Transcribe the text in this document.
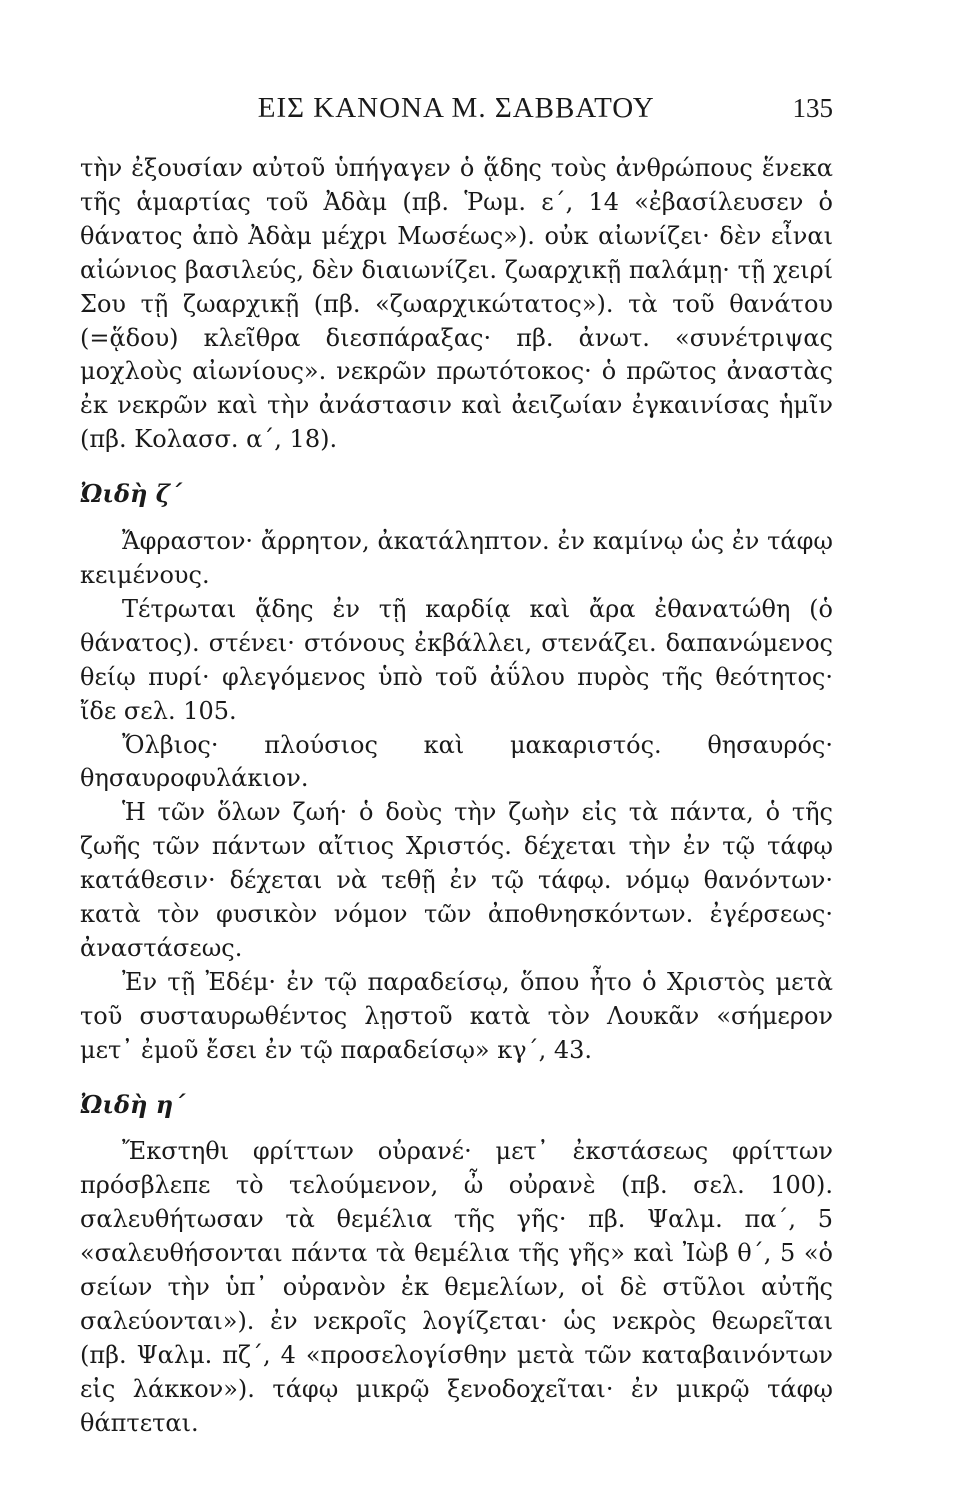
ΕΙΣ ΚΑΝΟΝΑ Μ. ΣΑΒΒΑΤΟΥ	135

τὴν ἐξουσίαν αὐτοῦ ὑπήγαγεν ὁ ᾅδης τοὺς ἀνθρώπους ἕνεκα τῆς ἁμαρτίας τοῦ Ἀδὰμ (πβ. Ῥωμ. ε΄, 14 «ἐβασίλευσεν ὁ θάνατος ἀπὸ Ἀδὰμ μέχρι Μωσέως»). οὐκ αἰωνίζει· δὲν εἶναι αἰώνιος βασιλεύς, δὲν διαιωνίζει. ζωαρχικῇ παλάμῃ· τῇ χειρί Σου τῇ ζωαρχικῇ (πβ. «ζωαρχικώτατος»). τὰ τοῦ θανάτου (=ᾅδου) κλεῖθρα διεσπάραξας· πβ. ἀνωτ. «συνέτριψας μοχλοὺς αἰωνίους». νεκρῶν πρωτότοκος· ὁ πρῶτος ἀναστὰς ἐκ νεκρῶν καὶ τὴν ἀνάστασιν καὶ ἀειζωίαν ἐγκαινίσας ἡμῖν (πβ. Κολασσ. α΄, 18).

Ὠιδὴ ζ΄

Ἄφραστον· ἄρρητον, ἀκατάληπτον. ἐν καμίνῳ ὡς ἐν τάφῳ κειμένους.

Τέτρωται ᾅδης ἐν τῇ καρδίᾳ καὶ ἄρα ἐθανατώθη (ὁ θάνατος). στένει· στόνους ἐκβάλλει, στενάζει. δαπανώμενος θείῳ πυρί· φλεγόμενος ὑπὸ τοῦ ἀΰλου πυρὸς τῆς θεότητος· ἴδε σελ. 105.

Ὄλβιος· πλούσιος καὶ μακαριστός. θησαυρός· θησαυροφυλάκιον.

Ἡ τῶν ὅλων ζωή· ὁ δοὺς τὴν ζωὴν εἰς τὰ πάντα, ὁ τῆς ζωῆς τῶν πάντων αἴτιος Χριστός. δέχεται τὴν ἐν τῷ τάφῳ κατάθεσιν· δέχεται νὰ τεθῇ ἐν τῷ τάφῳ. νόμῳ θανόντων· κατὰ τὸν φυσικὸν νόμον τῶν ἀποθνησκόντων. ἐγέρσεως· ἀναστάσεως.

Ἐν τῇ Ἐδέμ· ἐν τῷ παραδείσῳ, ὅπου ἦτο ὁ Χριστὸς μετὰ τοῦ συσταυρωθέντος λῃστοῦ κατὰ τὸν Λουκᾶν «σήμερον μετ᾽ ἐμοῦ ἔσει ἐν τῷ παραδείσῳ» κγ΄, 43.

Ὠιδὴ η΄

Ἔκστηθι φρίττων οὐρανέ· μετ᾽ ἐκστάσεως φρίττων πρόσβλεπε τὸ τελούμενον, ὦ οὐρανὲ (πβ. σελ. 100). σαλευθήτωσαν τὰ θεμέλια τῆς γῆς· πβ. Ψαλμ. πα΄, 5 «σαλευθήσονται πάντα τὰ θεμέλια τῆς γῆς» καὶ Ἰὼβ θ΄, 5 «ὁ σείων τὴν ὑπ᾽ οὐρανὸν ἐκ θεμελίων, οἱ δὲ στῦλοι αὐτῆς σαλεύονται»). ἐν νεκροῖς λογίζεται· ὡς νεκρὸς θεωρεῖται (πβ. Ψαλμ. πζ΄, 4 «προσελογίσθην μετὰ τῶν καταβαινόντων εἰς λάκκον»). τάφῳ μικρῷ ξενοδοχεῖται· ἐν μικρῷ τάφῳ θάπτεται.
